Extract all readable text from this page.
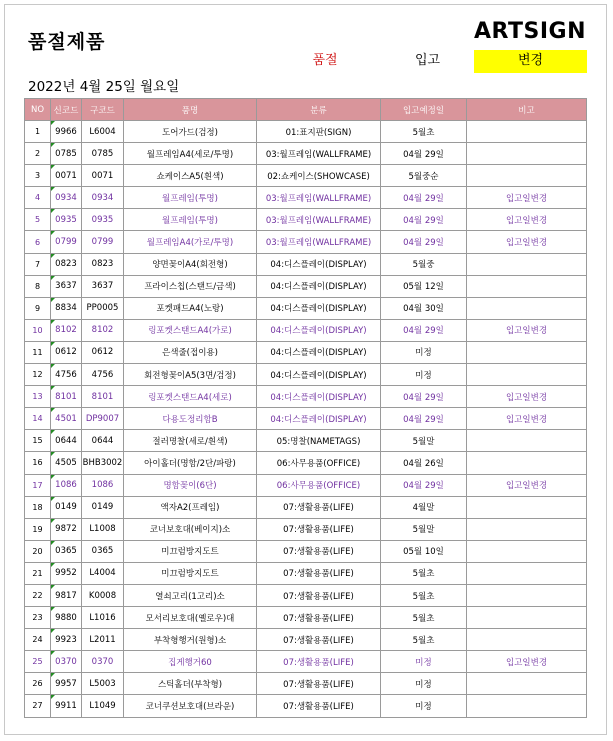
품절제품	ARTSIGN
품절	입고	변경
2022년 4월 25일 월요일
NO	신코드	구코드	품명	분류	입고예정일	비고
1	9966	L6004	도어가드(검정)	01:표지판(SIGN)	5월초	
2	0785	0785	월프레임A4(세로/투명)	03:월프레임(WALLFRAME)	04월 29일	
3	0071	0071	쇼케이스A5(흰색)	02:쇼케이스(SHOWCASE)	5월중순	
4	0934	0934	월프레임(투명)	03:월프레임(WALLFRAME)	04월 29일	입고일변경
5	0935	0935	월프레임(투명)	03:월프레임(WALLFRAME)	04월 29일	입고일변경
6	0799	0799	월프레임A4(가로/투명)	03:월프레임(WALLFRAME)	04월 29일	입고일변경
7	0823	0823	양면꽂이A4(회전형)	04:디스플레이(DISPLAY)	5월중	
8	3637	3637	프라이스칩(스탠드/금색)	04:디스플레이(DISPLAY)	05월 12일	
9	8834	PP0005	포켓패드A4(노랑)	04:디스플레이(DISPLAY)	04월 30일	
10	8102	8102	링포켓스탠드A4(가로)	04:디스플레이(DISPLAY)	04월 29일	입고일변경
11	0612	0612	은색줄(접이용)	04:디스플레이(DISPLAY)	미정	
12	4756	4756	회전형꽂이A5(3면/검정)	04:디스플레이(DISPLAY)	미정	
13	8101	8101	링포켓스탠드A4(세로)	04:디스플레이(DISPLAY)	04월 29일	입고일변경
14	4501	DP9007	다용도정리함B	04:디스플레이(DISPLAY)	04월 29일	입고일변경
15	0644	0644	절러명찰(세로/흰색)	05:명찰(NAMETAGS)	5월말	
16	4505	BHB3002	아이홀더(명함/2단/파랑)	06:사무용품(OFFICE)	04월 26일	
17	1086	1086	명함꽂이(6단)	06:사무용품(OFFICE)	04월 29일	입고일변경
18	0149	0149	액자A2(프레임)	07:생활용품(LIFE)	4월말	
19	9872	L1008	코너보호대(베이지)소	07:생활용품(LIFE)	5월말	
20	0365	0365	미끄럼방지도트	07:생활용품(LIFE)	05월 10일	
21	9952	L4004	미끄럼방지도트	07:생활용품(LIFE)	5월초	
22	9817	K0008	열쇠고리(1고리)소	07:생활용품(LIFE)	5월초	
23	9880	L1016	모서리보호대(옐로우)대	07:생활용품(LIFE)	5월초	
24	9923	L2011	부착형행거(원형)소	07:생활용품(LIFE)	5월초	
25	0370	0370	집게행거60	07:생활용품(LIFE)	미정	입고일변경
26	9957	L5003	스틱홀더(부착형)	07:생활용품(LIFE)	미정	
27	9911	L1049	코너쿠션보호대(브라운)	07:생활용품(LIFE)	미정	
